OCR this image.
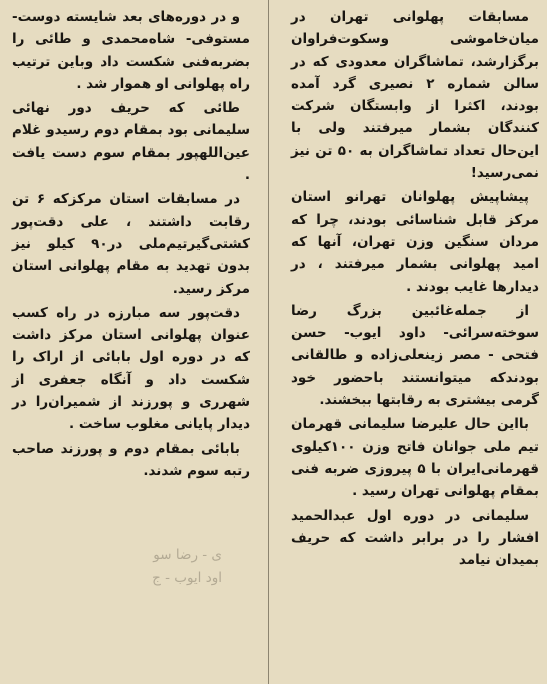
مسابقات پهلوانی تهران در میان‌خاموشی وسکوت‌فراوان برگزارشد، تماشاگران معدودی که در سالن شماره ۲ نصیری گرد آمده بودند، اکثرا از وابستگان شرکت کنندگان بشمار میرفتند ولی با این‌حال تعداد تماشاگران به ۵۰ تن نیز نمی‌رسید!

پیشاپیش پهلوانان تهرانو استان مرکز قابل شناسائی بودند، چرا که مردان سنگین وزن تهران، آنها که امید پهلوانی بشمار میرفتند ، در دیدارها غایب بودند .

از جمله‌غائبین بزرگ رضا سوخته‌سرائی- داود ایوب- حسن فتحی - مصر زینعلی‌زاده و طالقانی بودندکه میتوانستند باحضور خود گرمی بیشتری به رقابتها ببخشند.

بااین حال علیرضا سلیمانی قهرمان تیم ملی جوانان فاتح وزن ۱۰۰کیلوی قهرمانی‌ایران با ۵ پیروزی ضربه فنی بمقام پهلوانی تهران رسید .

سلیمانی در دوره اول عبدالحمید افشار را در برابر داشت که حریف بمیدان نیامد

و در دوره‌های بعد شایسته دوست- مستوفی- شاه‌محمدی و طائی را بضربه‌فنی شکست داد وباین ترتیب راه پهلوانی او هموار شد .

طائی که حریف دور نهائی سلیمانی بود بمقام دوم رسیدو غلام عین‌اللهپور بمقام سوم دست یافت .

در مسابقات استان مرکزکه ۶ تن رقابت داشتند ، علی دقت‌پور کشتی‌گیرتیم‌ملی در۹۰ کیلو نیز بدون تهدید به مقام پهلوانی استان مرکز رسید.

دقت‌پور سه مبارزه در راه کسب عنوان پهلوانی استان مرکز داشت که در دوره اول بابائی از اراک را شکست داد و آنگاه جعفری از شهرری و پورزند از شمیران‌را در دیدار پایانی مغلوب ساخت .

بابائی بمقام دوم و پورزند صاحب رتبه سوم شدند.

ی - رضا سو
اود ایوب - ج
